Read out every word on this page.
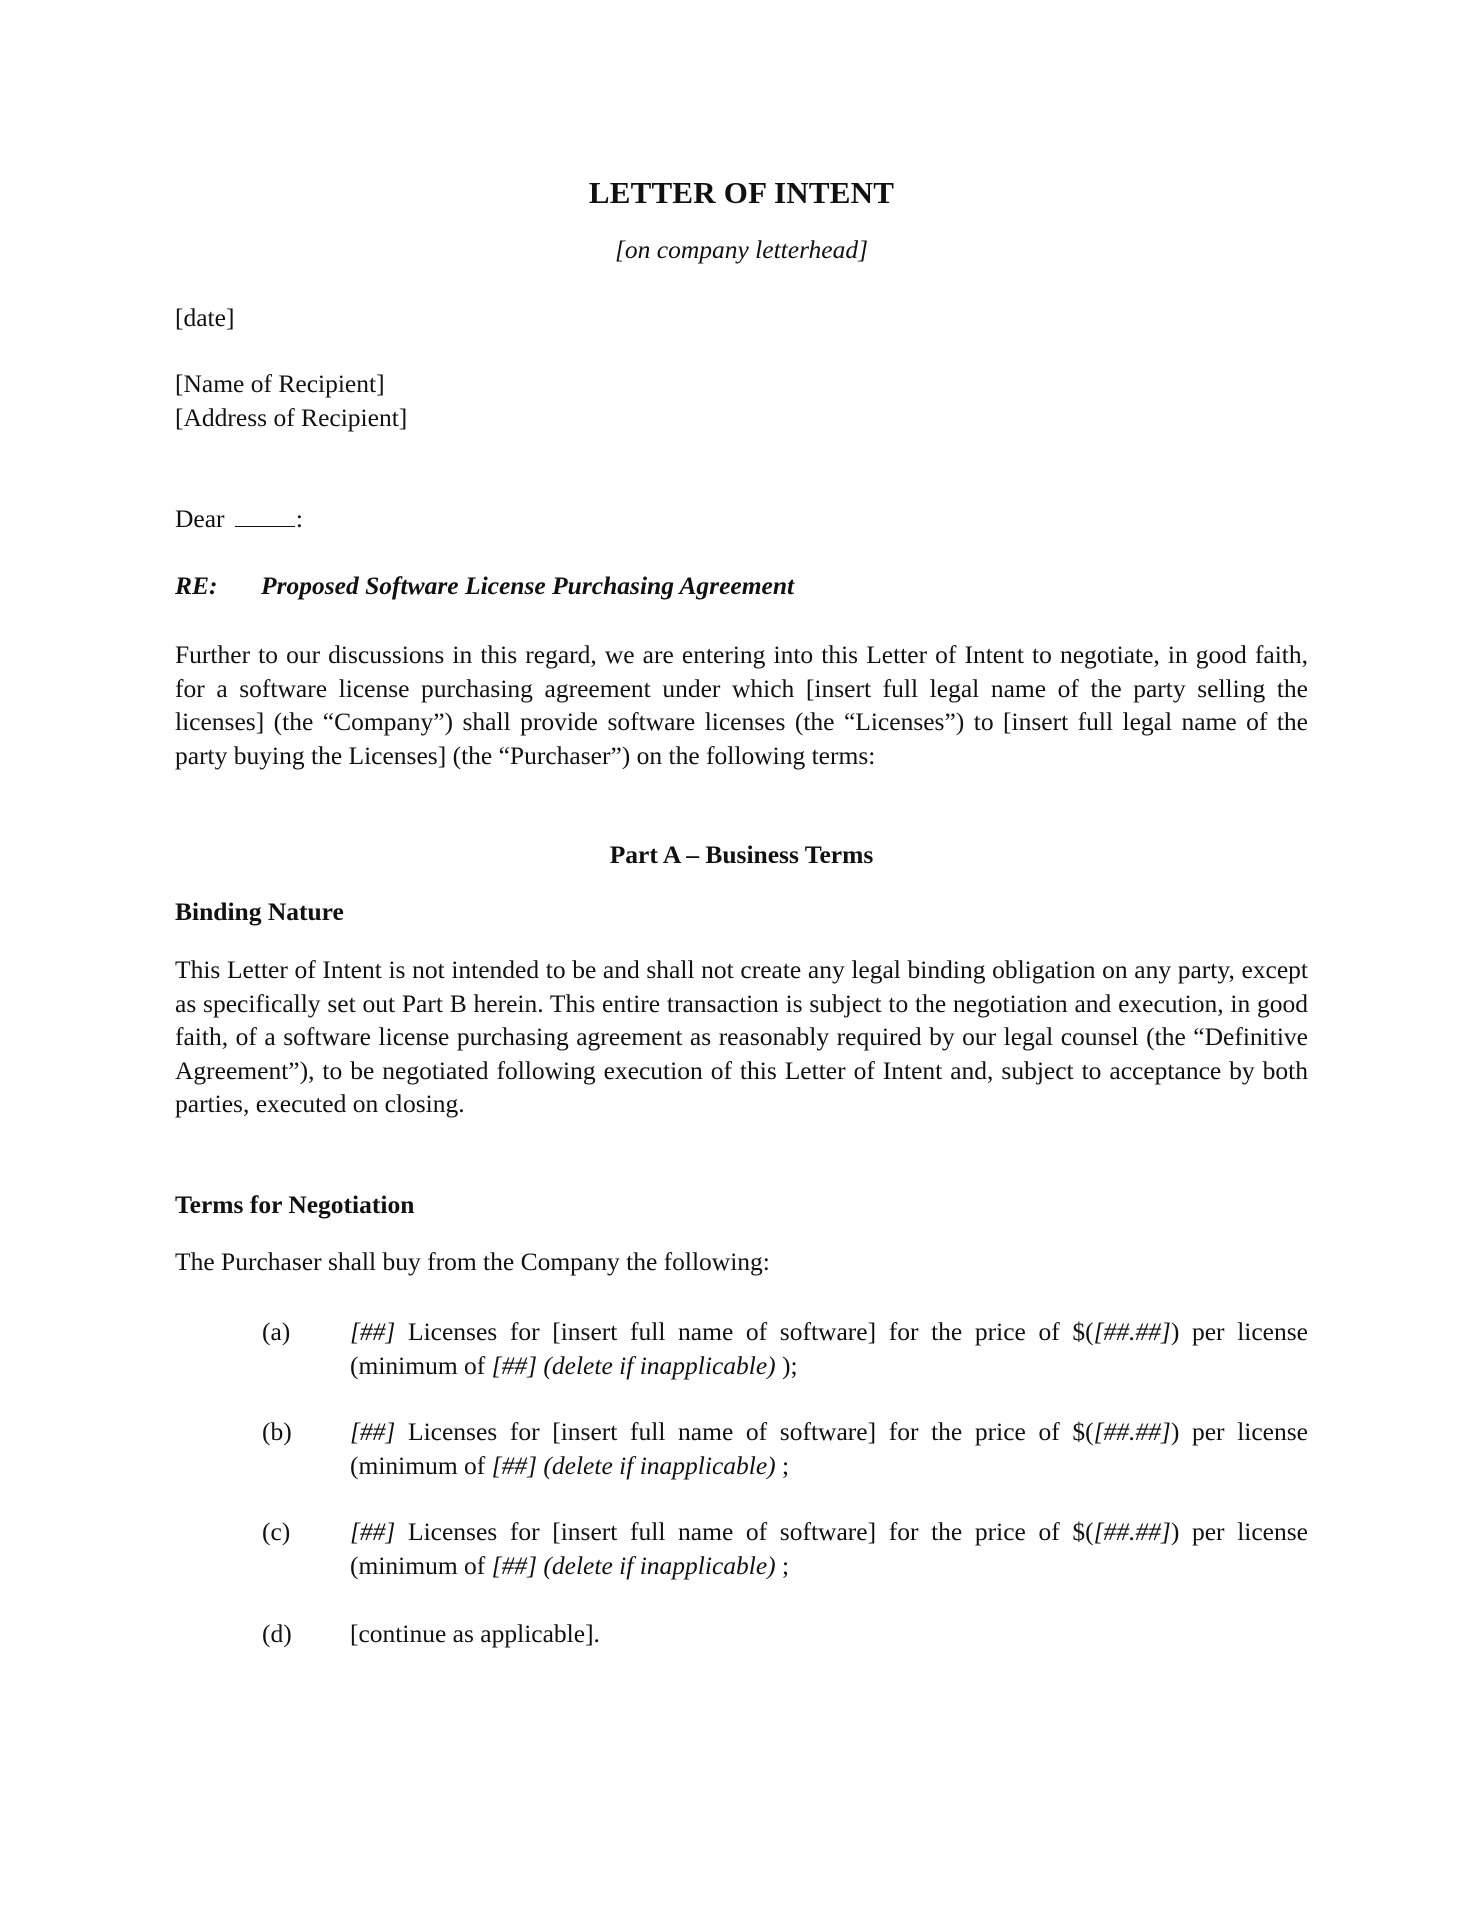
LETTER OF INTENT
[on company letterhead]
[date]
[Name of Recipient]
[Address of Recipient]
Dear	:
RE:	Proposed Software License Purchasing Agreement

Further to our discussions in this regard, we are entering into this Letter of Intent to negotiate, in good faith, for a software license purchasing agreement under which [insert full legal name of the party selling the licenses] (the “Company”) shall provide software licenses (the “Licenses”) to [insert full legal name of the party buying the Licenses] (the “Purchaser”) on the following terms:

Part A – Business Terms
Binding Nature

This Letter of Intent is not intended to be and shall not create any legal binding obligation on any party, except as specifically set out Part B herein. This entire transaction is subject to the negotiation and execution, in good faith, of a software license purchasing agreement as reasonably required by our legal counsel (the “Definitive Agreement”), to be negotiated following execution of this Letter of Intent and, subject to acceptance by both parties, executed on closing.

Terms for Negotiation
The Purchaser shall buy from the Company the following:
(a)	[##] Licenses for [insert full name of software] for the price of $([##.##]) per license (minimum of [##] (delete if inapplicable) );
(b)	[##] Licenses for [insert full name of software] for the price of $([##.##]) per license (minimum of [##] (delete if inapplicable) ;
(c)	[##] Licenses for [insert full name of software] for the price of $([##.##]) per license (minimum of [##] (delete if inapplicable) ;
(d)	[continue as applicable].
